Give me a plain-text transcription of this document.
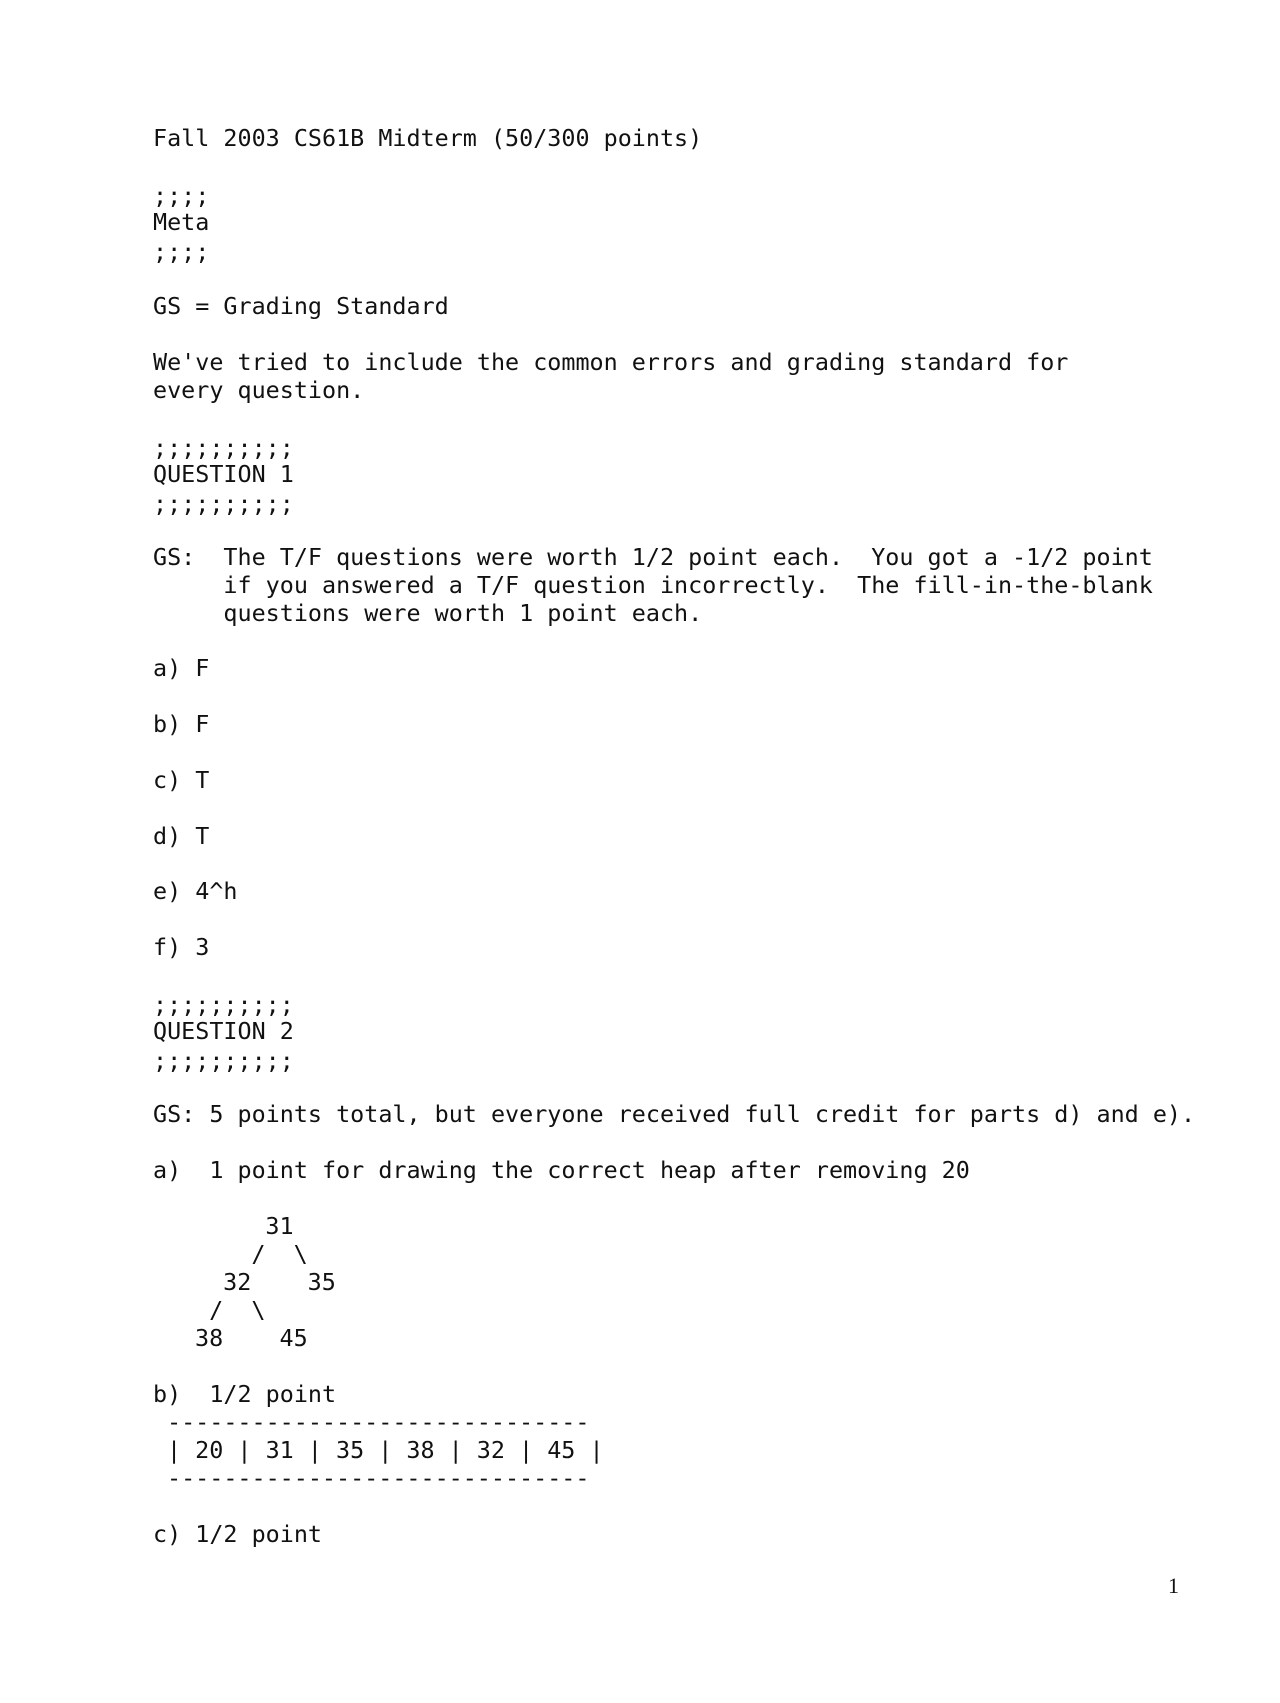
Fall 2003 CS61B Midterm (50/300 points)
;;;;
Meta
;;;;
GS = Grading Standard
We've tried to include the common errors and grading standard for
every question.
;;;;;;;;;;
QUESTION 1
;;;;;;;;;;
GS:  The T/F questions were worth 1/2 point each.  You got a -1/2 point
if you answered a T/F question incorrectly.  The fill-in-the-blank
questions were worth 1 point each.
a) F
b) F
c) T
d) T
e) 4^h
f) 3
;;;;;;;;;;
QUESTION 2
;;;;;;;;;;
GS: 5 points total, but everyone received full credit for parts d) and e).
a)  1 point for drawing the correct heap after removing 20
31
/  \
32    35
/  \
38    45
b)  1/2 point
------------------------------
| 20 | 31 | 35 | 38 | 32 | 45 |
------------------------------
c) 1/2 point
1
